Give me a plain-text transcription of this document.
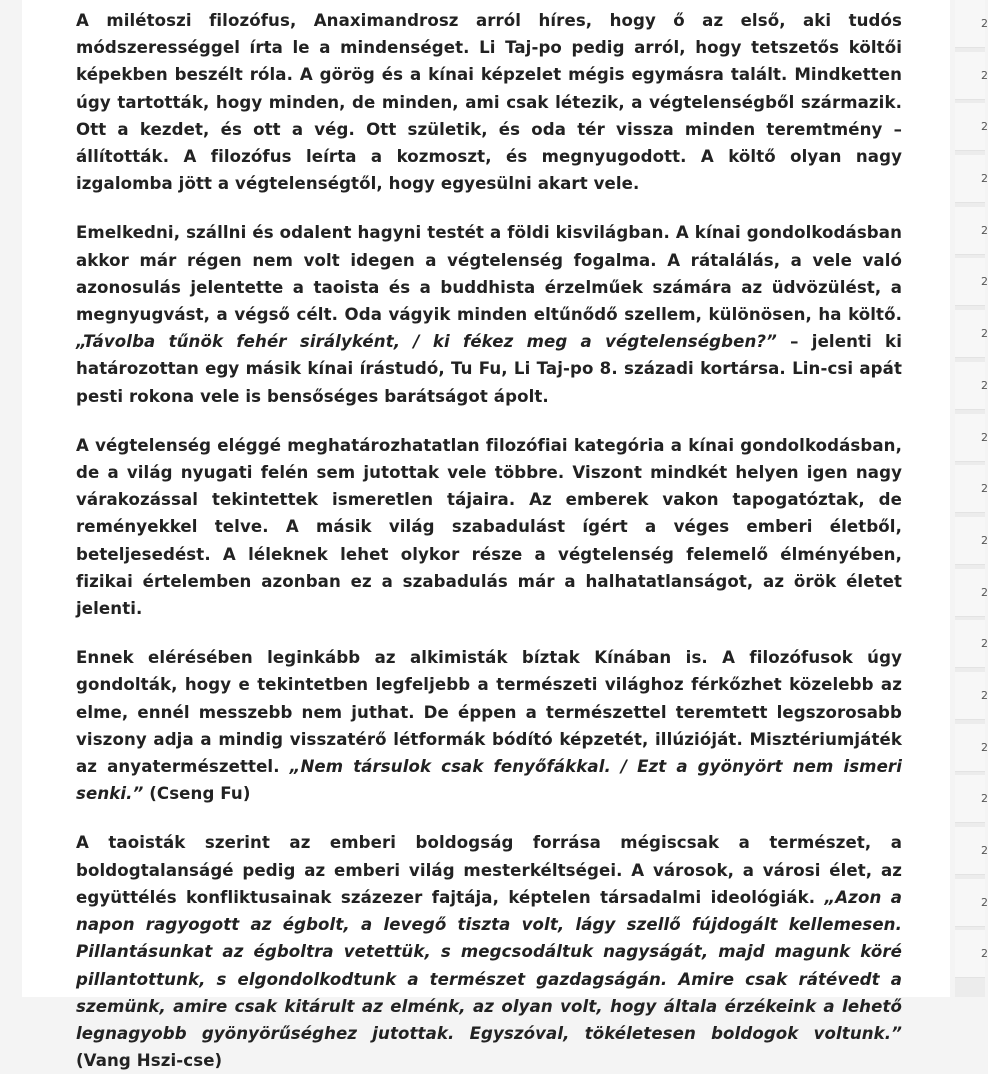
A milétoszi filozófus, Anaximandrosz arról híres, hogy ő az első, aki tudós módszerességgel írta le a mindenséget. Li Taj-po pedig arról, hogy tetszetős költői képekben beszélt róla. A görög és a kínai képzelet mégis egymásra talált. Mindketten úgy tartották, hogy minden, de minden, ami csak létezik, a végtelenségből származik. Ott a kezdet, és ott a vég. Ott születik, és oda tér vissza minden teremtmény – állították. A filozófus leírta a kozmoszt, és megnyugodott. A költő olyan nagy izgalomba jött a végtelenségtől, hogy egyesülni akart vele.

Emelkedni, szállni és odalent hagyni testét a földi kisvilágban. A kínai gondolkodásban akkor már régen nem volt idegen a végtelenség fogalma. A rátalálás, a vele való azonosulás jelentette a taoista és a buddhista érzelműek számára az üdvözülést, a megnyugvást, a végső célt. Oda vágyik minden eltűnődő szellem, különösen, ha költő. „Távolba tűnök fehér sirályként, / ki fékez meg a végtelenségben?” – jelenti ki határozottan egy másik kínai írástudó, Tu Fu, Li Taj-po 8. századi kortársa. Lin-csi apát pesti rokona vele is bensőséges barátságot ápolt.

A végtelenség eléggé meghatározhatatlan filozófiai kategória a kínai gondolkodásban, de a világ nyugati felén sem jutottak vele többre. Viszont mindkét helyen igen nagy várakozással tekintettek ismeretlen tájaira. Az emberek vakon tapogatóztak, de reményekkel telve. A másik világ szabadulást ígért a véges emberi életből, beteljesedést. A léleknek lehet olykor része a végtelenség felemelő élményében, fizikai értelemben azonban ez a szabadulás már a halhatatlanságot, az örök életet jelenti.

Ennek elérésében leginkább az alkimisták bíztak Kínában is. A filozófusok úgy gondolták, hogy e tekintetben legfeljebb a természeti világhoz férkőzhet közelebb az elme, ennél messzebb nem juthat. De éppen a természettel teremtett legszorosabb viszony adja a mindig visszatérő létformák bódító képzetét, illúzióját. Misztériumjáték az anyatermészettel. „Nem társulok csak fenyőfákkal. / Ezt a gyönyört nem ismeri senki.” (Cseng Fu)

A taoisták szerint az emberi boldogság forrása mégiscsak a természet, a boldogtalanságé pedig az emberi világ mesterkéltségei. A városok, a városi élet, az együttélés konfliktusainak százezer fajtája, képtelen társadalmi ideológiák. „Azon a napon ragyogott az égbolt, a levegő tiszta volt, lágy szellő fújdogált kellemesen. Pillantásunkat az égboltra vetettük, s megcsodáltuk nagyságát, majd magunk köré pillantottunk, s elgondolkodtunk a természet gazdagságán. Amire csak rátévedt a szemünk, amire csak kitárult az elménk, az olyan volt, hogy általa érzékeink a lehető legnagyobb gyönyörűséghez jutottak. Egyszóval, tökéletesen boldogok voltunk.” (Vang Hszi-cse)

2
2
2
2
2
2
2
2
2
2
2
2
2
2
2
2
2
2
2
